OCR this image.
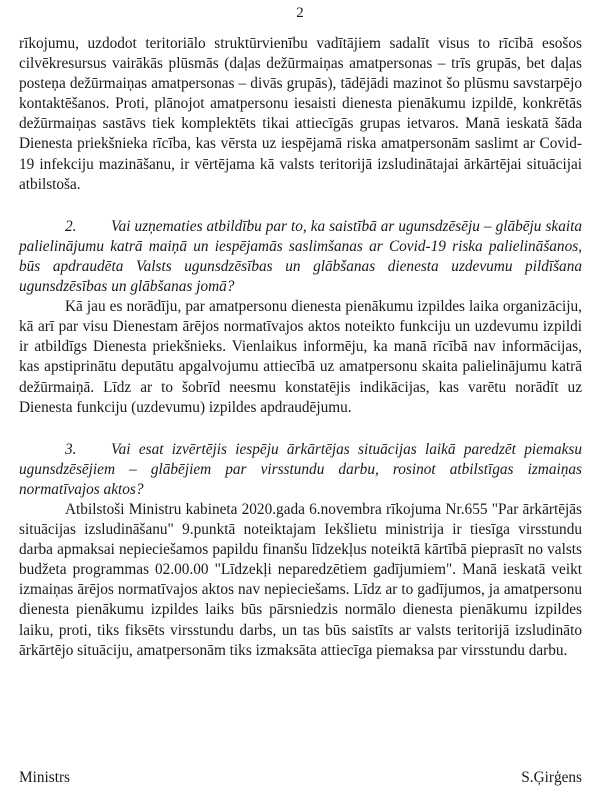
2

rīkojumu, uzdodot teritoriālo struktūrvienību vadītājiem sadalīt visus to rīcībā esošos cilvēkresursus vairākās plūsmās (daļas dežūrmaiņas amatpersonas – trīs grupās, bet daļas posteņa dežūrmaiņas amatpersonas – divās grupās), tādējādi mazinot šo plūsmu savstarpējo kontaktēšanos. Proti, plānojot amatpersonu iesaisti dienesta pienākumu izpildē, konkrētās dežūrmaiņas sastāvs tiek komplektēts tikai attiecīgās grupas ietvaros. Manā ieskatā šāda Dienesta priekšnieka rīcība, kas vērsta uz iespējamā riska amatpersonām saslimt ar Covid-19 infekciju mazināšanu, ir vērtējama kā valsts teritorijā izsludinātajai ārkārtējai situācijai atbilstoša.

2. Vai uzņematies atbildību par to, ka saistībā ar ugunsdzēsēju – glābēju skaita palielinājumu katrā maiņā un iespējamās saslimšanas ar Covid-19 riska palielināšanos, būs apdraudēta Valsts ugunsdzēsības un glābšanas dienesta uzdevumu pildīšana ugunsdzēsības un glābšanas jomā?

Kā jau es norādīju, par amatpersonu dienesta pienākumu izpildes laika organizāciju, kā arī par visu Dienestam ārējos normatīvajos aktos noteikto funkciju un uzdevumu izpildi ir atbildīgs Dienesta priekšnieks. Vienlaikus informēju, ka manā rīcībā nav informācijas, kas apstiprinātu deputātu apgalvojumu attiecībā uz amatpersonu skaita palielinājumu katrā dežūrmaiņā. Līdz ar to šobrīd neesmu konstatējis indikācijas, kas varētu norādīt uz Dienesta funkciju (uzdevumu) izpildes apdraudējumu.

3. Vai esat izvērtējis iespēju ārkārtējas situācijas laikā paredzēt piemaksu ugunsdzēsējiem – glābējiem par virsstundu darbu, rosinot atbilstīgas izmaiņas normatīvajos aktos?

Atbilstoši Ministru kabineta 2020.gada 6.novembra rīkojuma Nr.655 "Par ārkārtējās situācijas izsludināšanu" 9.punktā noteiktajam Iekšlietu ministrija ir tiesīga virsstundu darba apmaksai nepieciešamos papildu finanšu līdzekļus noteiktā kārtībā pieprasīt no valsts budžeta programmas 02.00.00 "Līdzekļi neparedzētiem gadījumiem". Manā ieskatā veikt izmaiņas ārējos normatīvajos aktos nav nepieciešams. Līdz ar to gadījumos, ja amatpersonu dienesta pienākumu izpildes laiks būs pārsniedzis normālo dienesta pienākumu izpildes laiku, proti, tiks fiksēts virsstundu darbs, un tas būs saistīts ar valsts teritorijā izsludināto ārkārtējo situāciju, amatpersonām tiks izmaksāta attiecīga piemaksa par virsstundu darbu.

Ministrs	S.Ģirģens
